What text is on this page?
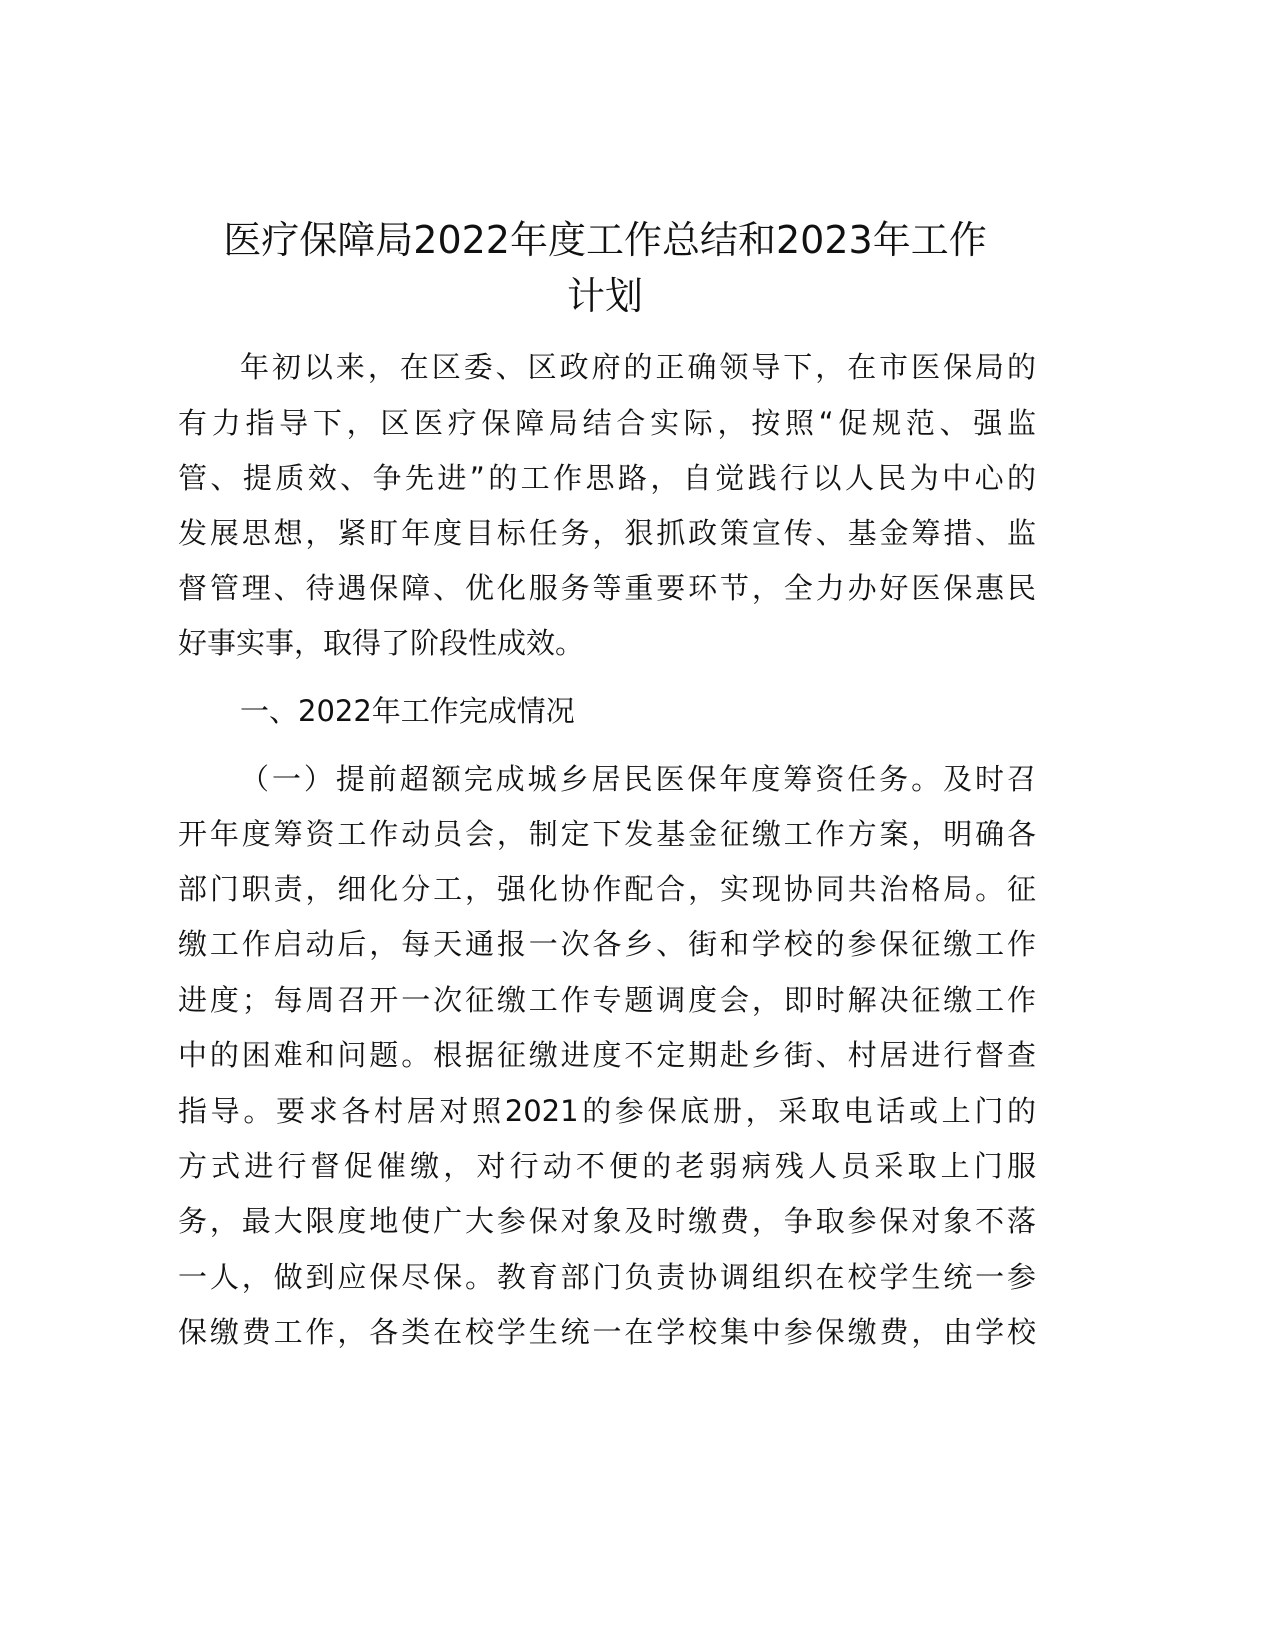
医疗保障局2022年度工作总结和2023年工作
计划
年初以来，在区委、区政府的正确领导下，在市医保局的
有力指导下，区医疗保障局结合实际，按照“促规范、强监
管、提质效、争先进”的工作思路，自觉践行以人民为中心的
发展思想，紧盯年度目标任务，狠抓政策宣传、基金筹措、监
督管理、待遇保障、优化服务等重要环节，全力办好医保惠民
好事实事，取得了阶段性成效。
一、2022年工作完成情况
（一）提前超额完成城乡居民医保年度筹资任务。及时召
开年度筹资工作动员会，制定下发基金征缴工作方案，明确各
部门职责，细化分工，强化协作配合，实现协同共治格局。征
缴工作启动后，每天通报一次各乡、街和学校的参保征缴工作
进度；每周召开一次征缴工作专题调度会，即时解决征缴工作
中的困难和问题。根据征缴进度不定期赴乡街、村居进行督查
指导。要求各村居对照2021的参保底册，采取电话或上门的
方式进行督促催缴，对行动不便的老弱病残人员采取上门服
务，最大限度地使广大参保对象及时缴费，争取参保对象不落
一人，做到应保尽保。教育部门负责协调组织在校学生统一参
保缴费工作，各类在校学生统一在学校集中参保缴费，由学校
